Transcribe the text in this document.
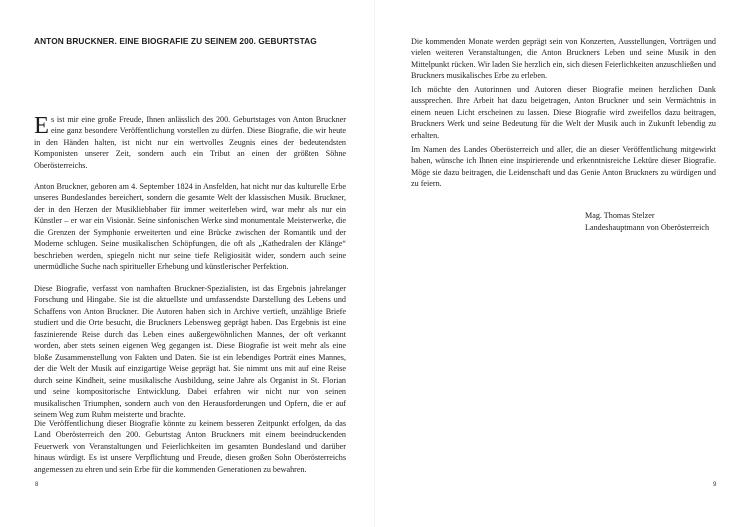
ANTON BRUCKNER. EINE BIOGRAFIE ZU SEINEM 200. GEBURTSTAG

Es ist mir eine große Freude, Ihnen anlässlich des 200. Geburtstages von Anton Bruckner eine ganz besondere Veröffentlichung vorstellen zu dürfen. Diese Biografie, die wir heute in den Händen halten, ist nicht nur ein wertvolles Zeugnis eines der bedeutendsten Komponisten unserer Zeit, sondern auch ein Tribut an einen der größten Söhne Oberösterreichs.

Anton Bruckner, geboren am 4. September 1824 in Ansfelden, hat nicht nur das kulturelle Erbe unseres Bundeslandes bereichert, sondern die gesamte Welt der klassischen Musik. Bruckner, der in den Herzen der Musikliebhaber für immer weiterleben wird, war mehr als nur ein Künstler – er war ein Visionär. Seine sinfonischen Werke sind monumentale Meisterwerke, die die Grenzen der Symphonie erweiterten und eine Brücke zwischen der Romantik und der Moderne schlugen. Seine musikalischen Schöpfungen, die oft als „Kathedralen der Klänge“ beschrieben werden, spiegeln nicht nur seine tiefe Religiosität wider, sondern auch seine unermüdliche Suche nach spiritueller Erhebung und künstlerischer Perfektion.

Diese Biografie, verfasst von namhaften Bruckner-Spezialisten, ist das Ergebnis jahrelanger Forschung und Hingabe. Sie ist die aktuellste und umfassendste Darstellung des Lebens und Schaffens von Anton Bruckner. Die Autoren haben sich in Archive vertieft, unzählige Briefe studiert und die Orte besucht, die Bruckners Lebensweg geprägt haben. Das Ergebnis ist eine faszinierende Reise durch das Leben eines außergewöhnlichen Mannes, der oft verkannt worden, aber stets seinen eigenen Weg gegangen ist. Diese Biografie ist weit mehr als eine bloße Zusammenstellung von Fakten und Daten. Sie ist ein lebendiges Porträt eines Mannes, der die Welt der Musik auf einzigartige Weise geprägt hat. Sie nimmt uns mit auf eine Reise durch seine Kindheit, seine musikalische Ausbildung, seine Jahre als Organist in St. Florian und seine kompositorische Entwicklung. Dabei erfahren wir nicht nur von seinen musikalischen Triumphen, sondern auch von den Herausforderungen und Opfern, die er auf seinem Weg zum Ruhm meisterte und brachte.

Die Veröffentlichung dieser Biografie könnte zu keinem besseren Zeitpunkt erfolgen, da das Land Oberösterreich den 200. Geburtstag Anton Bruckners mit einem beeindruckenden Feuerwerk von Veranstaltungen und Feierlichkeiten im gesamten Bundesland und darüber hinaus würdigt. Es ist unsere Verpflichtung und Freude, diesen großen Sohn Oberösterreichs angemessen zu ehren und sein Erbe für die kommenden Generationen zu bewahren.

8

Die kommenden Monate werden geprägt sein von Konzerten, Ausstellungen, Vorträgen und vielen weiteren Veranstaltungen, die Anton Bruckners Leben und seine Musik in den Mittelpunkt rücken. Wir laden Sie herzlich ein, sich diesen Feierlichkeiten anzuschließen und Bruckners musikalisches Erbe zu erleben.

Ich möchte den Autorinnen und Autoren dieser Biografie meinen herzlichen Dank aussprechen. Ihre Arbeit hat dazu beigetragen, Anton Bruckner und sein Vermächtnis in einem neuen Licht erscheinen zu lassen. Diese Biografie wird zweifellos dazu beitragen, Bruckners Werk und seine Bedeutung für die Welt der Musik auch in Zukunft lebendig zu erhalten.

Im Namen des Landes Oberösterreich und aller, die an dieser Veröffentlichung mitgewirkt haben, wünsche ich Ihnen eine inspirierende und erkenntnisreiche Lektüre dieser Biografie. Möge sie dazu beitragen, die Leidenschaft und das Genie Anton Bruckners zu würdigen und zu feiern.

Mag. Thomas Stelzer
Landeshauptmann von Oberösterreich
9
